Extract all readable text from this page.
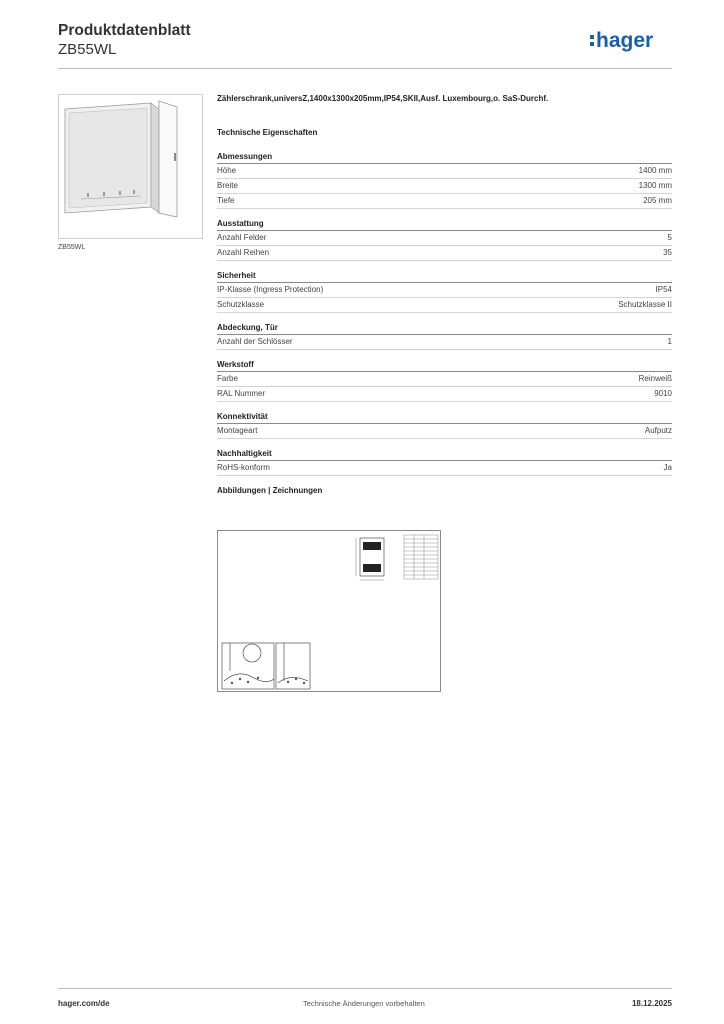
Produktdatenblatt
ZB55WL	hager
ZB55WL
Zählerschrank,universZ,1400x1300x205mm,IP54,SKII,Ausf. Luxembourg,o. SaS-Durchf.
Technische Eigenschaften
Abmessungen
Höhe	1400 mm
Breite	1300 mm
Tiefe	205 mm
Ausstattung
Anzahl Felder	5
Anzahl Reihen	35
Sicherheit
IP-Klasse (Ingress Protection)	IP54
Schutzklasse	Schutzklasse II
Abdeckung, Tür
Anzahl der Schlösser	1
Werkstoff
Farbe	Reinweiß
RAL Nummer	9010
Konnektivität
Montageart	Aufputz
Nachhaltigkeit
RoHS-konform	Ja
Abbildungen | Zeichnungen
hager.com/de	Technische Änderungen vorbehalten	18.12.2025
